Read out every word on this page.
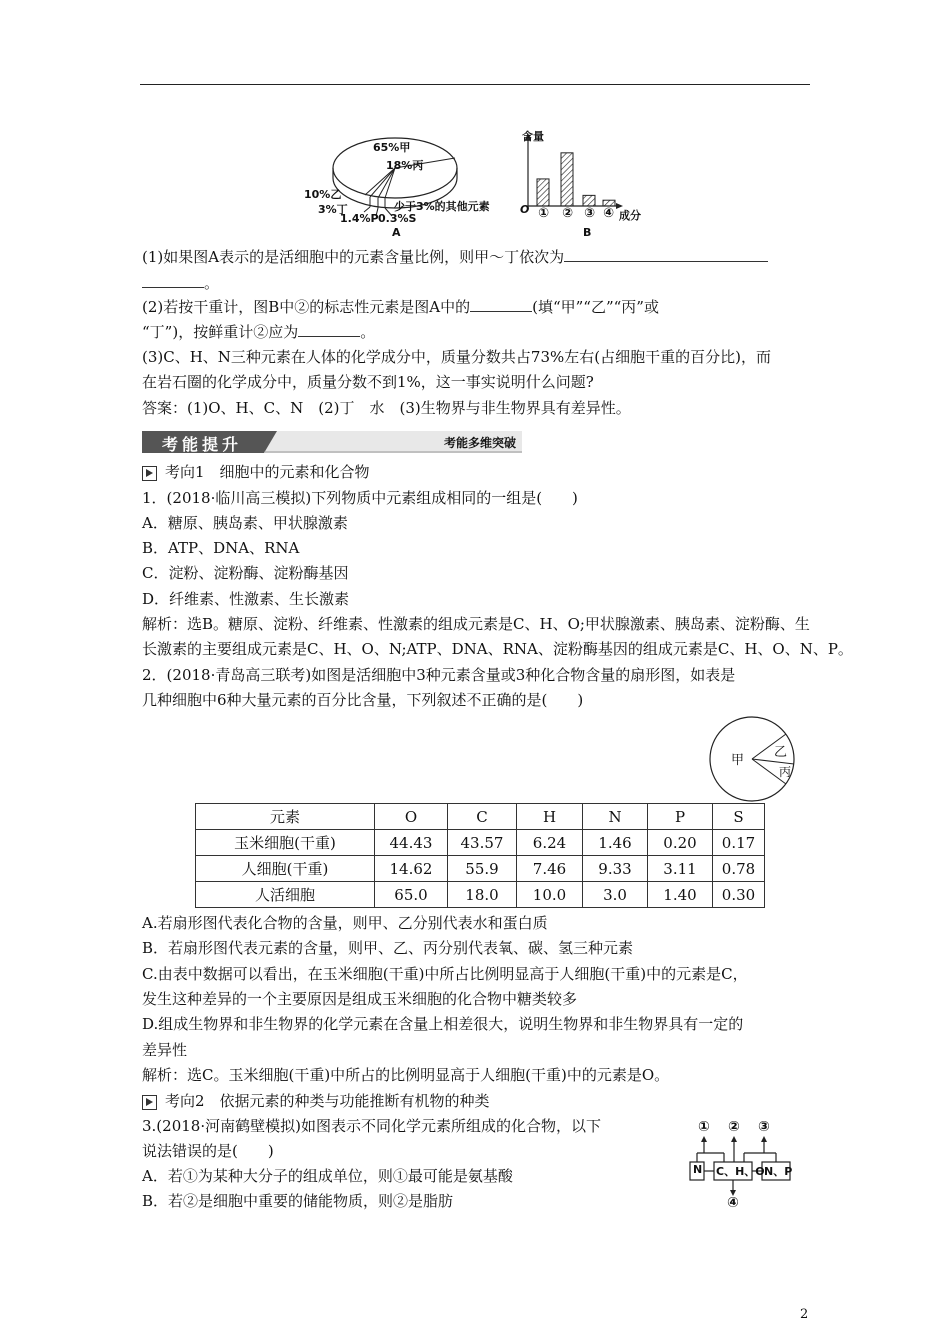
65%甲
18%丙
10%乙
3%丁
1.4%P 0.3%S
少于3%的其他元素
A
含量
O ① ② ③ ④ 成分
B
(1)如果图A表示的是活细胞中的元素含量比例，则甲～丁依次为
。
(2)若按干重计，图B中②的标志性元素是图A中的	(填“甲”“乙”“丙”或
“丁”)，按鲜重计②应为	。
(3)C、H、N三种元素在人体的化学成分中，质量分数共占73%左右(占细胞干重的百分比)，而
在岩石圈的化学成分中，质量分数不到1%，这一事实说明什么问题?
答案：(1)O、H、C、N　(2)丁　水　(3)生物界与非生物界具有差异性。
考能提升	考能多维突破
考向1　细胞中的元素和化合物
1．(2018·临川高三模拟)下列物质中元素组成相同的一组是(　　)
A．糖原、胰岛素、甲状腺激素
B．ATP、DNA、RNA
C．淀粉、淀粉酶、淀粉酶基因
D．纤维素、性激素、生长激素
解析：选B。糖原、淀粉、纤维素、性激素的组成元素是C、H、O;甲状腺激素、胰岛素、淀粉酶、生
长激素的主要组成元素是C、H、O、N;ATP、DNA、RNA、淀粉酶基因的组成元素是C、H、O、N、P。
2．(2018·青岛高三联考)如图是活细胞中3种元素含量或3种化合物含量的扇形图，如表是
几种细胞中6种大量元素的百分比含量，下列叙述不正确的是(　　)
甲
乙
丙
元素	O	C	H	N	P	S
玉米细胞(干重)	44.43	43.57	6.24	1.46	0.20	0.17
人细胞(干重)	14.62	55.9	7.46	9.33	3.11	0.78
人活细胞	65.0	18.0	10.0	3.0	1.40	0.30
A.若扇形图代表化合物的含量，则甲、乙分别代表水和蛋白质
B．若扇形图代表元素的含量，则甲、乙、丙分别代表氧、碳、氢三种元素
C.由表中数据可以看出，在玉米细胞(干重)中所占比例明显高于人细胞(干重)中的元素是C，
发生这种差异的一个主要原因是组成玉米细胞的化合物中糖类较多
D.组成生物界和非生物界的化学元素在含量上相差很大，说明生物界和非生物界具有一定的
差异性
解析：选C。玉米细胞(干重)中所占的比例明显高于人细胞(干重)中的元素是O。
考向2　依据元素的种类与功能推断有机物的种类
3.(2018·河南鹤壁模拟)如图表示不同化学元素所组成的化合物，以下
说法错误的是(　　)
A．若①为某种大分子的组成单位，则①最可能是氨基酸
B．若②是细胞中重要的储能物质，则②是脂肪
① ② ③
N C、H、O N、P
④
2
